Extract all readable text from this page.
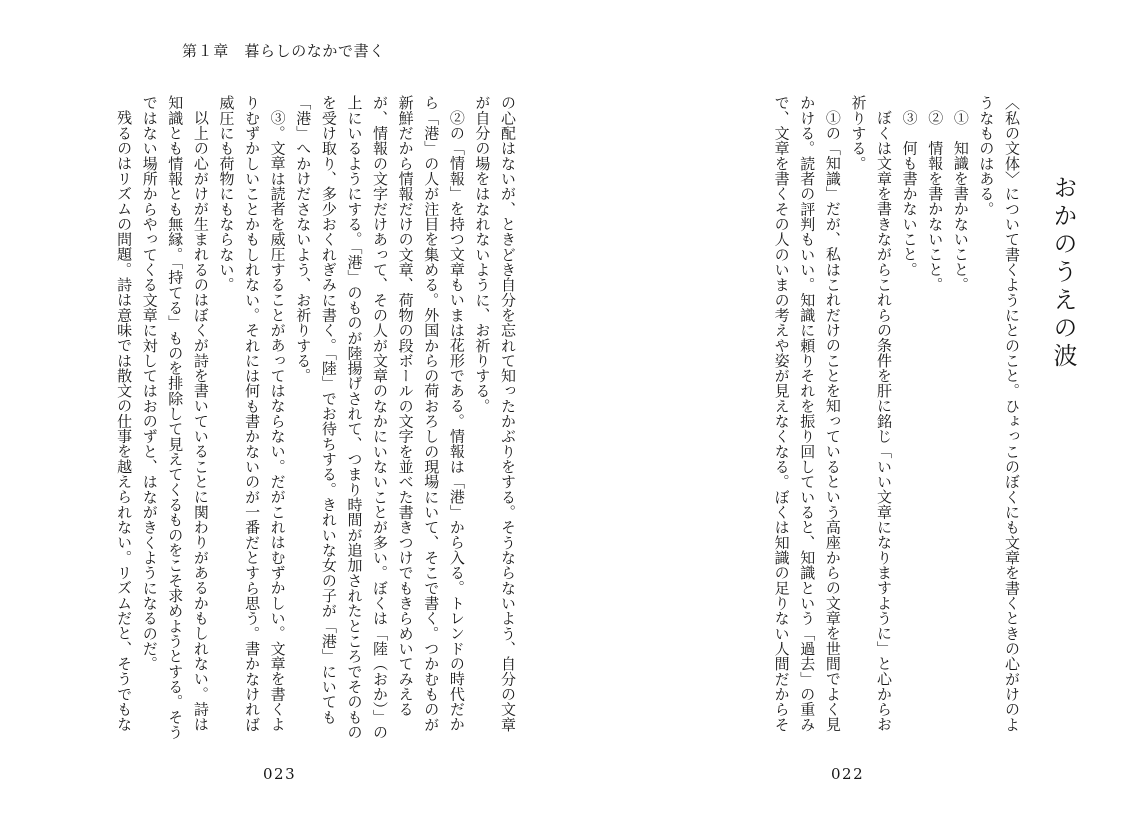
第１章　暮らしのなかで書く

の心配はないが、ときどき自分を忘れて知ったかぶりをする。そうならないよう、自分の文章が自分の場をはなれないように、お祈りする。

②の「情報」を持つ文章もいまは花形である。情報は「港」から入る。トレンドの時代だから「港」の人が注目を集める。外国からの荷おろしの現場にいて、そこで書く。つかむものが新鮮だから情報だけの文章、荷物の段ボールの文字を並べた書きつけでもきらめいてみえるが、情報の文字だけあって、その人が文章のなかにいないことが多い。ぼくは「陸（おか）」の上にいるようにする。「港」のものが陸揚げされて、つまり時間が追加されたところでそのものを受け取り、多少おくれぎみに書く。「陸」でお待ちする。きれいな女の子が「港」にいても「港」へかけださないよう、お祈りする。

③。文章は読者を威圧することがあってはならない。だがこれはむずかしい。文章を書くよりむずかしいことかもしれない。それには何も書かないのが一番だとすら思う。書かなければ威圧にも荷物にもならない。

以上の心がけが生まれるのはぼくが詩を書いていることに関わりがあるかもしれない。詩は知識とも情報とも無縁。「持てる」ものを排除して見えてくるものをこそ求めようとする。そうではない場所からやってくる文章に対してはおのずと、はながきくようになるのだ。

残るのはリズムの問題。詩は意味では散文の仕事を越えられない。リズムだと、そうでもな

023
おかのうえの波

〈私の文体〉について書くようにとのこと。ひょっこのぼくにも文章を書くときの心がけのようなものはある。

①　知識を書かないこと。

②　情報を書かないこと。

③　何も書かないこと。

ぼくは文章を書きながらこれらの条件を肝に銘じ「いい文章になりますように」と心からお祈りする。

①の「知識」だが、私はこれだけのことを知っているという高座からの文章を世間でよく見かける。読者の評判もいい。知識に頼りそれを振り回していると、知識という「過去」の重みで、文章を書くその人のいまの考えや姿が見えなくなる。ぼくは知識の足りない人間だからそ

022
